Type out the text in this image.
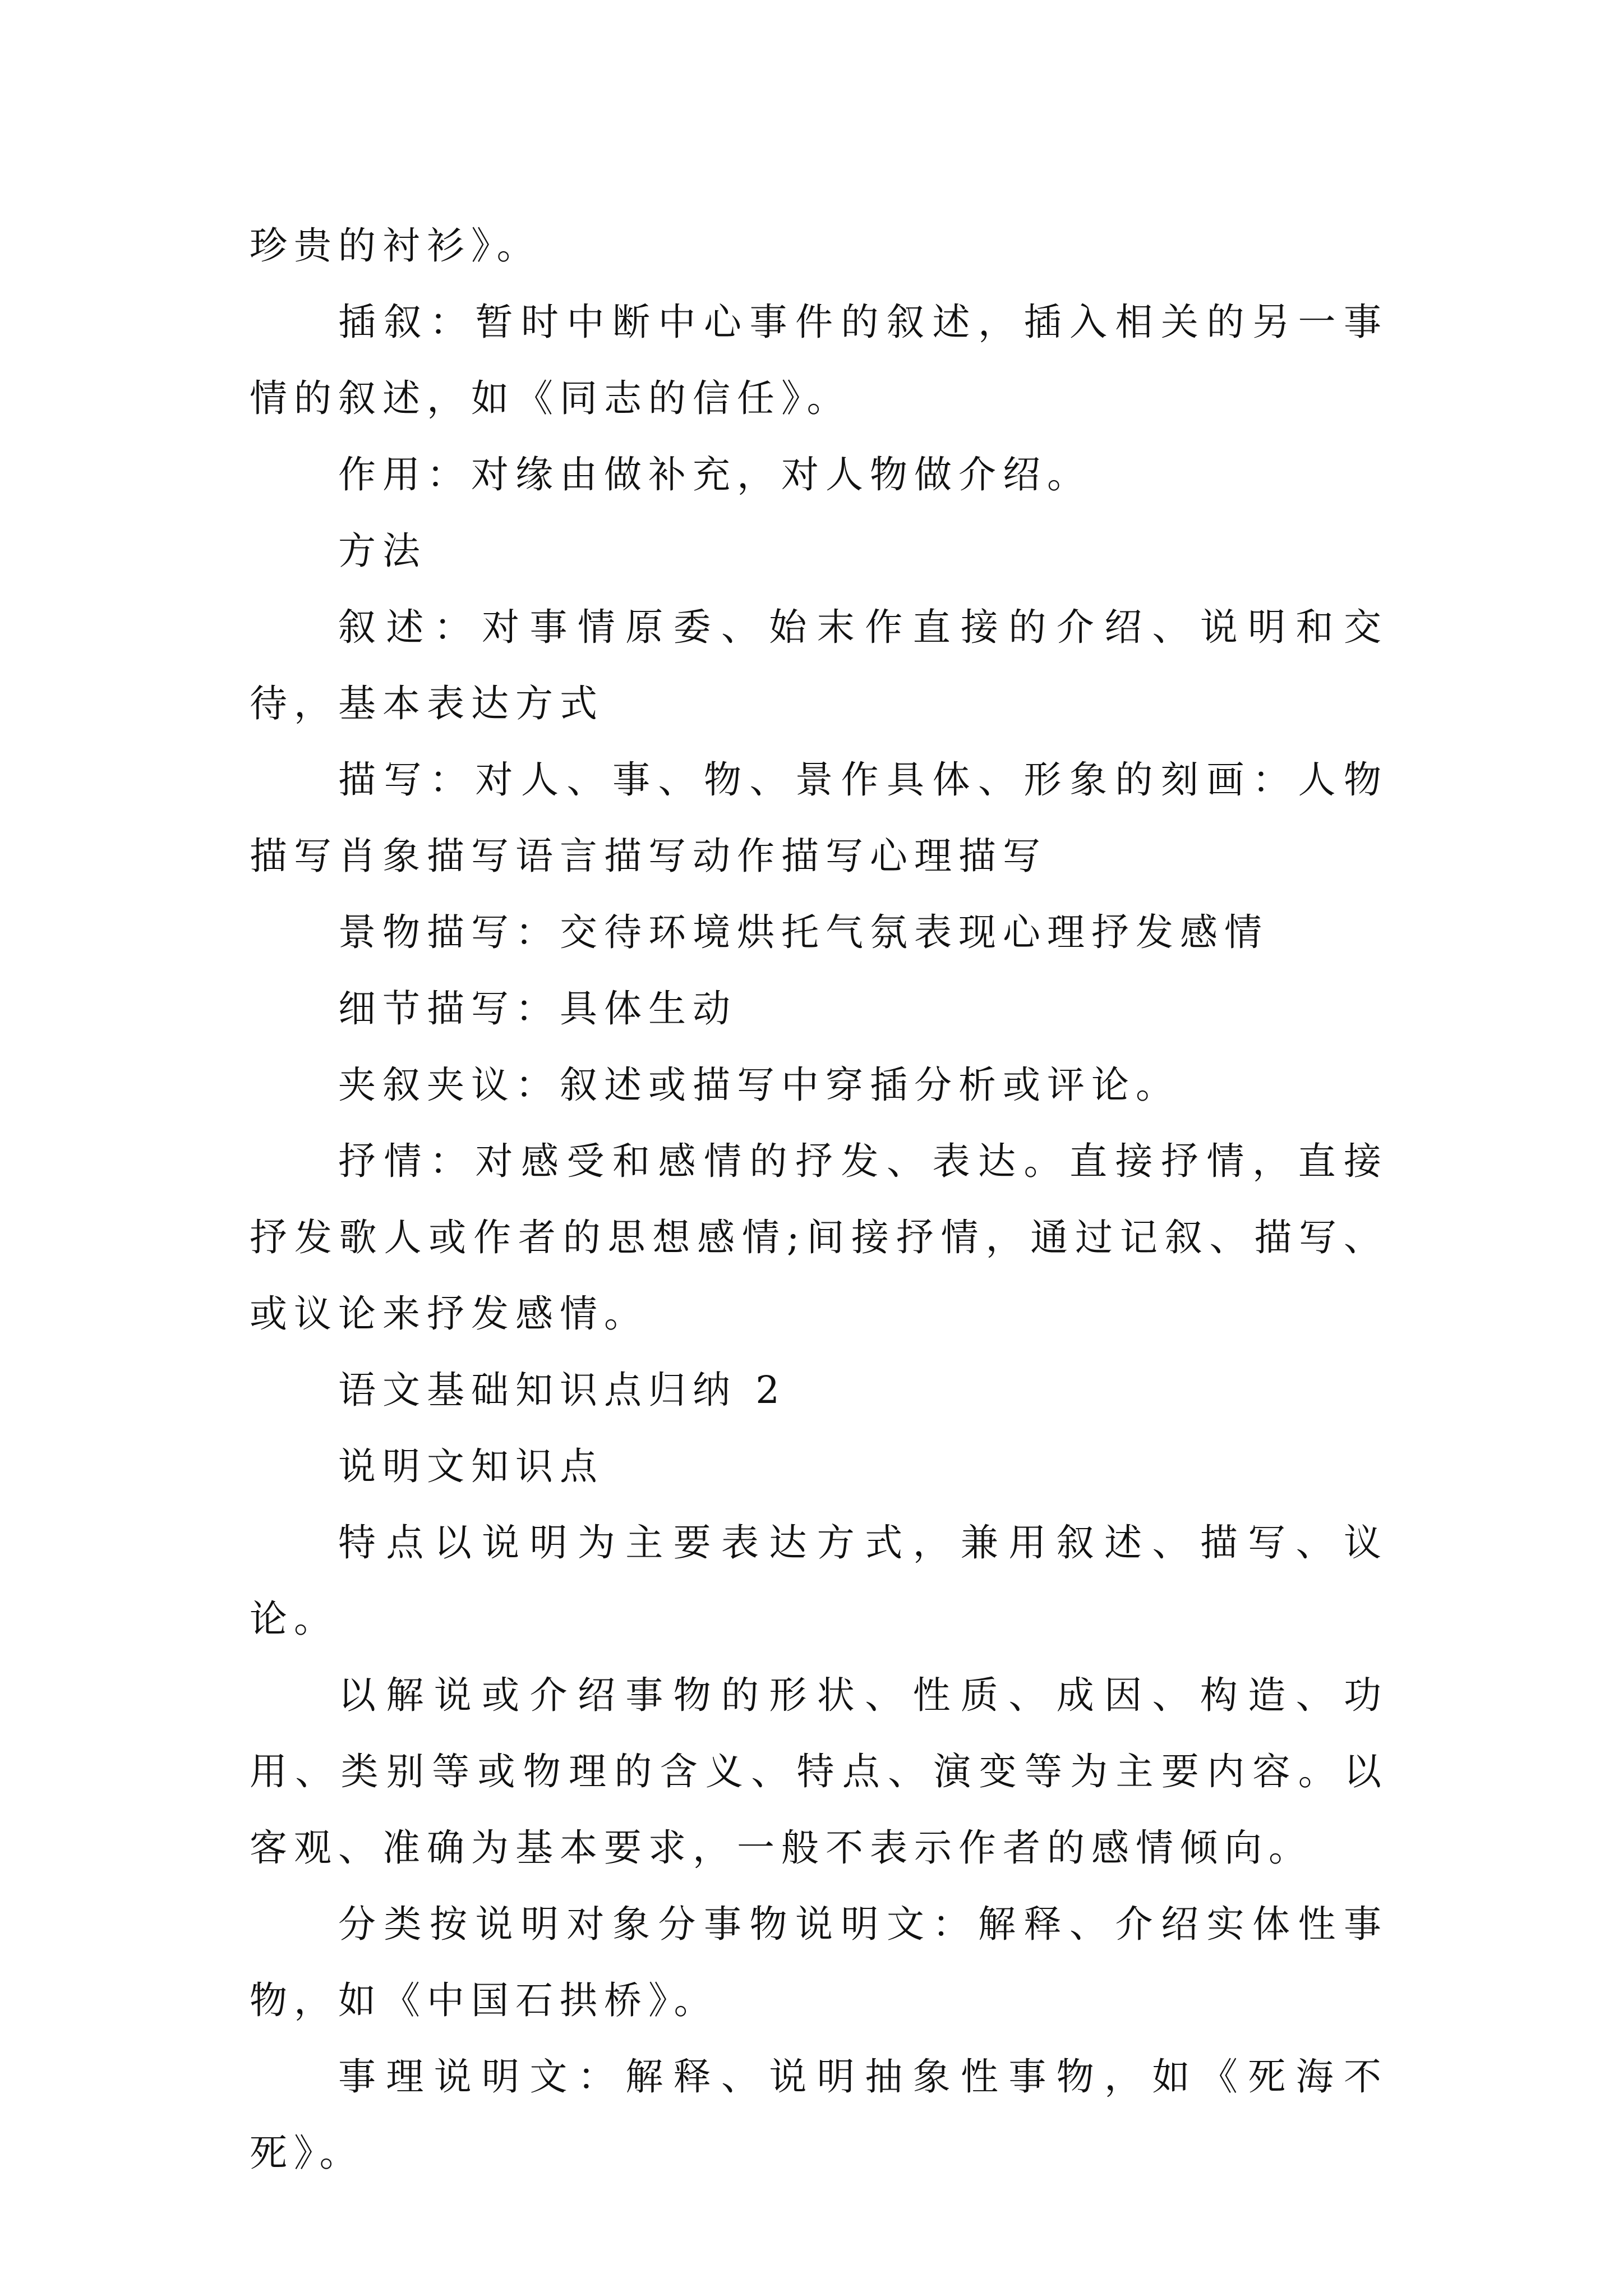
珍贵的衬衫》。

插叙：暂时中断中心事件的叙述，插入相关的另一事情的叙述，如《同志的信任》。

作用：对缘由做补充，对人物做介绍。

方法

叙述：对事情原委、始末作直接的介绍、说明和交待，基本表达方式

描写：对人、事、物、景作具体、形象的刻画：人物描写肖象描写语言描写动作描写心理描写

景物描写：交待环境烘托气氛表现心理抒发感情

细节描写：具体生动

夹叙夹议：叙述或描写中穿插分析或评论。

抒情：对感受和感情的抒发、表达。直接抒情，直接抒发歌人或作者的思想感情;间接抒情，通过记叙、描写、或议论来抒发感情。

语文基础知识点归纳 2

说明文知识点

特点以说明为主要表达方式，兼用叙述、描写、议论。

以解说或介绍事物的形状、性质、成因、构造、功用、类别等或物理的含义、特点、演变等为主要内容。以客观、准确为基本要求，一般不表示作者的感情倾向。

分类按说明对象分事物说明文：解释、介绍实体性事物，如《中国石拱桥》。

事理说明文：解释、说明抽象性事物，如《死海不死》。
